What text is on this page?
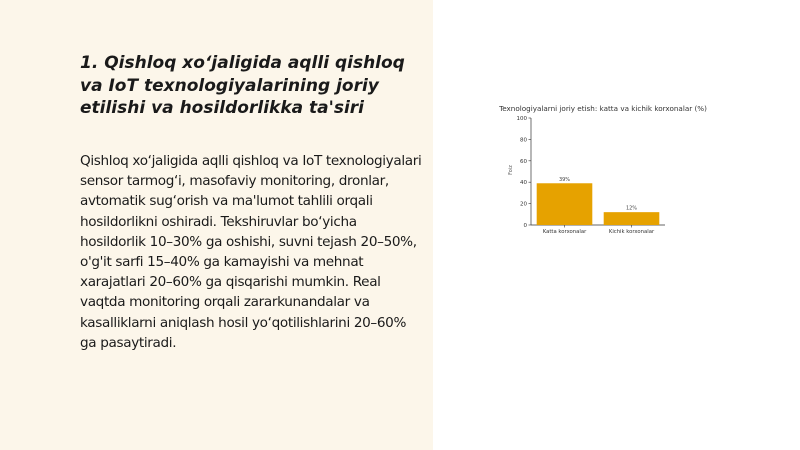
1. Qishloq xo‘jaligida aqlli qishloq va IoT texnologiyalarining joriy etilishi va hosildorlikka ta'siri

Qishloq xo‘jaligida aqlli qishloq va IoT texnologiyalari sensor tarmog‘i, masofaviy monitoring, dronlar, avtomatik sug‘orish va ma'lumot tahlili orqali hosildorlikni oshiradi. Tekshiruvlar bo‘yicha hosildorlik 10–30% ga oshishi, suvni tejash 20–50%, o'g'it sarfi 15–40% ga kamayishi va mehnat xarajatlari 20–60% ga qisqarishi mumkin. Real vaqtda monitoring orqali zararkunandalar va kasalliklarni aniqlash hosil yo‘qotilishlarini 20–60% ga pasaytiradi.

Texnologiyalarni joriy etish: katta va kichik korxonalar (%)
Foiz
0
20
40
60
80
100
39%
Katta korxonalar
12%
Kichik korxonalar
